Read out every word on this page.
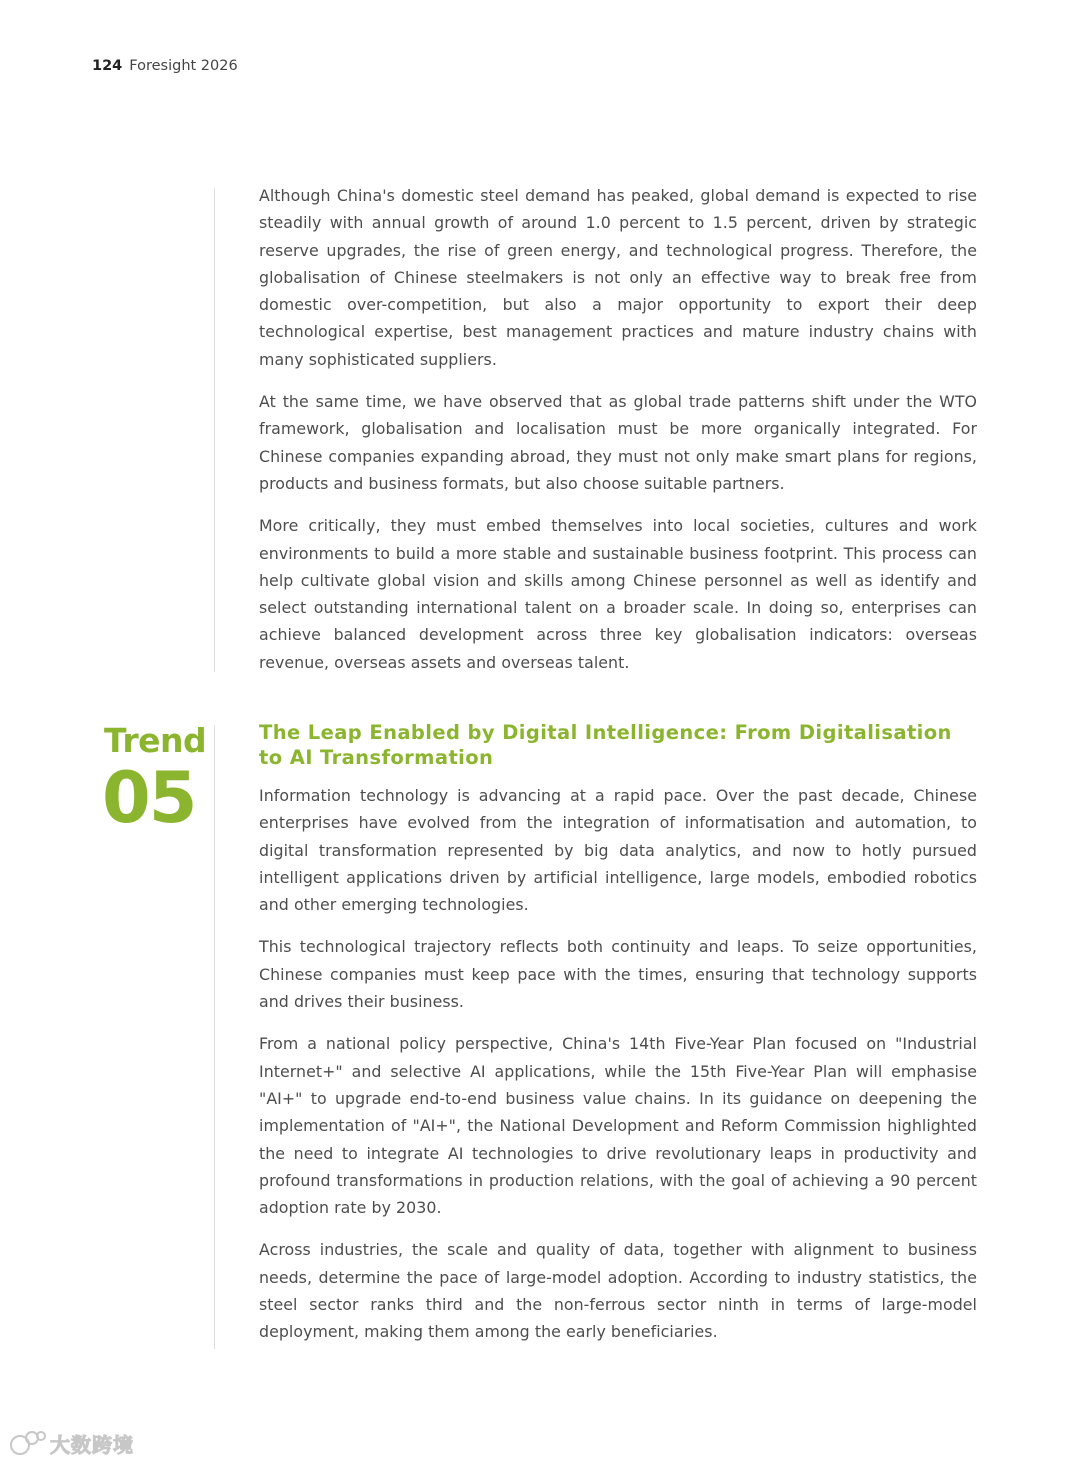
124 Foresight 2026

Although China's domestic steel demand has peaked, global demand is expected to rise steadily with annual growth of around 1.0 percent to 1.5 percent, driven by strategic reserve upgrades, the rise of green energy, and technological progress. Therefore, the globalisation of Chinese steelmakers is not only an effective way to break free from domestic over-competition, but also a major opportunity to export their deep technological expertise, best management practices and mature industry chains with many sophisticated suppliers.

At the same time, we have observed that as global trade patterns shift under the WTO framework, globalisation and localisation must be more organically integrated. For Chinese companies expanding abroad, they must not only make smart plans for regions, products and business formats, but also choose suitable partners.

More critically, they must embed themselves into local societies, cultures and work environments to build a more stable and sustainable business footprint. This process can help cultivate global vision and skills among Chinese personnel as well as identify and select outstanding international talent on a broader scale. In doing so, enterprises can achieve balanced development across three key globalisation indicators: overseas revenue, overseas assets and overseas talent.

Trend
05
The Leap Enabled by Digital Intelligence: From Digitalisation to AI Transformation

Information technology is advancing at a rapid pace. Over the past decade, Chinese enterprises have evolved from the integration of informatisation and automation, to digital transformation represented by big data analytics, and now to hotly pursued intelligent applications driven by artificial intelligence, large models, embodied robotics and other emerging technologies.

This technological trajectory reflects both continuity and leaps. To seize opportunities, Chinese companies must keep pace with the times, ensuring that technology supports and drives their business.

From a national policy perspective, China's 14th Five-Year Plan focused on "Industrial Internet+" and selective AI applications, while the 15th Five-Year Plan will emphasise "AI+" to upgrade end-to-end business value chains. In its guidance on deepening the implementation of "AI+", the National Development and Reform Commission highlighted the need to integrate AI technologies to drive revolutionary leaps in productivity and profound transformations in production relations, with the goal of achieving a 90 percent adoption rate by 2030.

Across industries, the scale and quality of data, together with alignment to business needs, determine the pace of large-model adoption. According to industry statistics, the steel sector ranks third and the non-ferrous sector ninth in terms of large-model deployment, making them among the early beneficiaries.

大数跨境
